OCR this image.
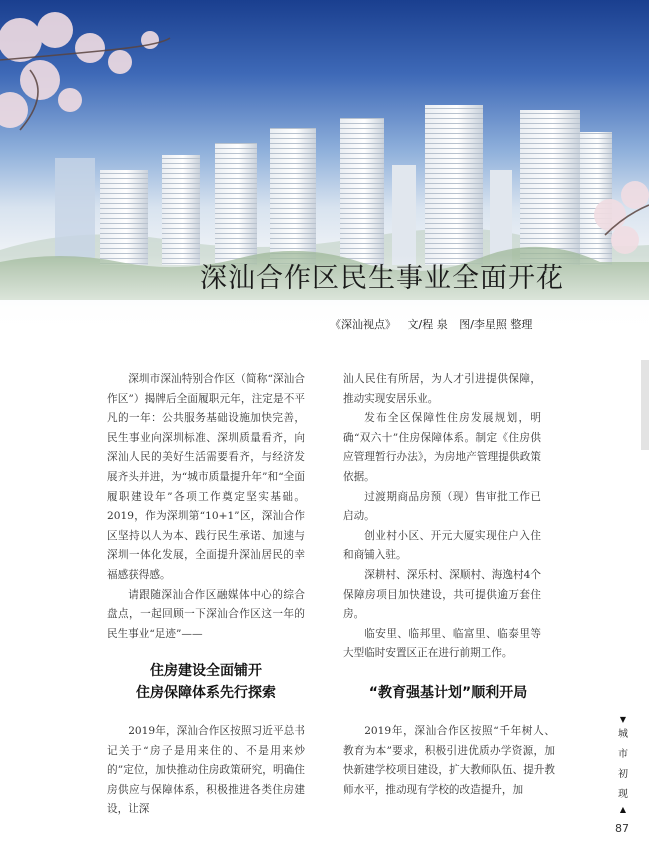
深汕合作区民生事业全面开花
《深汕视点》 文/程 泉 图/李星照 整理

深圳市深汕特别合作区（简称“深汕合作区”）揭牌后全面履职元年，注定是不平凡的一年：公共服务基础设施加快完善，民生事业向深圳标准、深圳质量看齐，向深汕人民的美好生活需要看齐，与经济发展齐头并进，为“城市质量提升年”和“全面履职建设年”各项工作奠定坚实基础。2019，作为深圳第“10+1”区，深汕合作区坚持以人为本、践行民生承诺、加速与深圳一体化发展，全面提升深汕居民的幸福感获得感。

请跟随深汕合作区融媒体中心的综合盘点，一起回顾一下深汕合作区这一年的民生事业“足迹”——

汕人民住有所居，为人才引进提供保障，推动实现安居乐业。

发布全区保障性住房发展规划，明确“双六十”住房保障体系。制定《住房供应管理暂行办法》，为房地产管理提供政策依据。

过渡期商品房预（现）售审批工作已启动。

创业村小区、开元大厦实现住户入住和商铺入驻。

深耕村、深乐村、深顺村、海逸村4个保障房项目加快建设，共可提供逾万套住房。

临安里、临邦里、临富里、临泰里等大型临时安置区正在进行前期工作。

住房建设全面铺开
住房保障体系先行探索	“教育强基计划”顺利开局

2019年，深汕合作区按照习近平总书记关于“房子是用来住的、不是用来炒的”定位，加快推动住房政策研究，明确住房供应与保障体系，积极推进各类住房建设，让深

2019年，深汕合作区按照“千年树人、教育为本”要求，积极引进优质办学资源，加快新建学校项目建设，扩大教师队伍、提升教师水平，推动现有学校的改造提升，加

▼
城
市
初
现
▲
87
